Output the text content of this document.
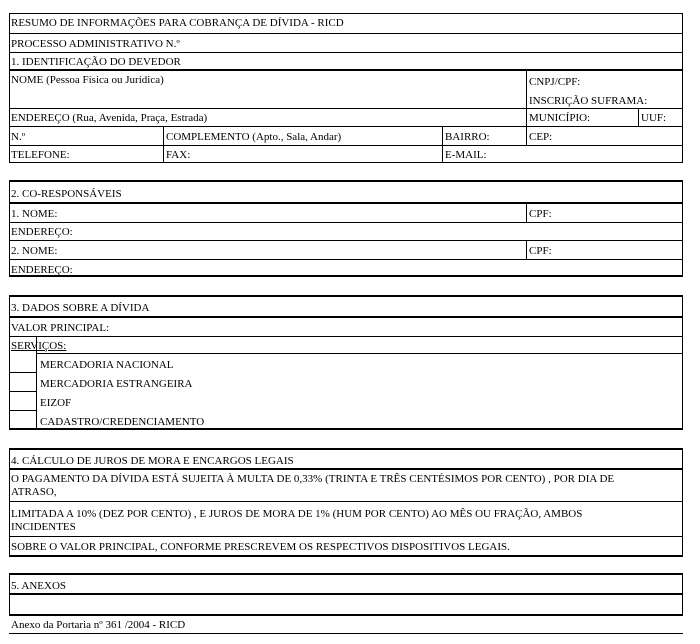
RESUMO DE INFORMAÇÕES PARA COBRANÇA DE DÍVIDA - RICD
PROCESSO ADMINISTRATIVO N.º
1. IDENTIFICAÇÃO DO DEVEDOR
NOME (Pessoa Física ou Jurídica)	CNPJ/CPF:
INSCRIÇÃO SUFRAMA:
ENDEREÇO (Rua, Avenida, Praça, Estrada)	MUNICÍPIO:	UUF:
N.º	COMPLEMENTO (Apto., Sala, Andar)	BAIRRO:	CEP:
TELEFONE:	FAX:	E-MAIL:
2. CO-RESPONSÁVEIS
1. NOME:	CPF:
ENDEREÇO:
2. NOME:	CPF:
ENDEREÇO:
3. DADOS SOBRE A DÍVIDA
VALOR PRINCIPAL:
SERVIÇOS:
MERCADORIA NACIONAL
MERCADORIA ESTRANGEIRA
EIZOF
CADASTRO/CREDENCIAMENTO
4. CÁLCULO DE JUROS DE MORA E ENCARGOS LEGAIS
O PAGAMENTO DA DÍVIDA ESTÁ SUJEITA À MULTA DE 0,33% (TRINTA E TRÊS CENTÉSIMOS POR CENTO) , POR DIA DE
ATRASO,
LIMITADA A 10% (DEZ POR CENTO) , E JUROS DE MORA DE 1% (HUM POR CENTO) AO MÊS OU FRAÇÃO, AMBOS
INCIDENTES
SOBRE O VALOR PRINCIPAL, CONFORME PRESCREVEM OS RESPECTIVOS DISPOSITIVOS LEGAIS.
5. ANEXOS
Anexo da Portaria nº 361 /2004 - RICD
